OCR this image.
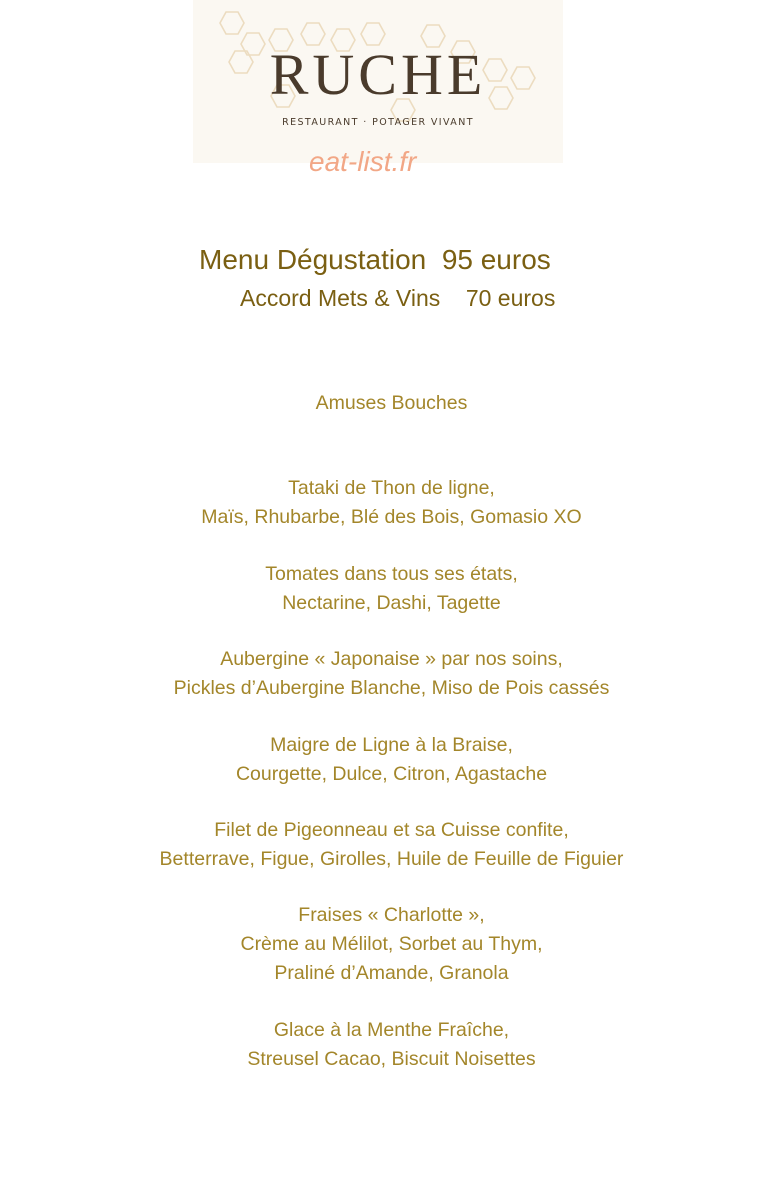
RUCHE
RESTAURANT · POTAGER VIVANT
eat-list.fr
Menu Dégustation  95 euros
Accord Mets & Vins    70 euros
Amuses Bouches
Tataki de Thon de ligne,
Maïs, Rhubarbe, Blé des Bois, Gomasio XO
Tomates dans tous ses états,
Nectarine, Dashi, Tagette
Aubergine « Japonaise » par nos soins,
Pickles d’Aubergine Blanche, Miso de Pois cassés
Maigre de Ligne à la Braise,
Courgette, Dulce, Citron, Agastache
Filet de Pigeonneau et sa Cuisse confite,
Betterrave, Figue, Girolles, Huile de Feuille de Figuier
Fraises « Charlotte »,
Crème au Mélilot, Sorbet au Thym,
Praliné d’Amande, Granola
Glace à la Menthe Fraîche,
Streusel Cacao, Biscuit Noisettes
